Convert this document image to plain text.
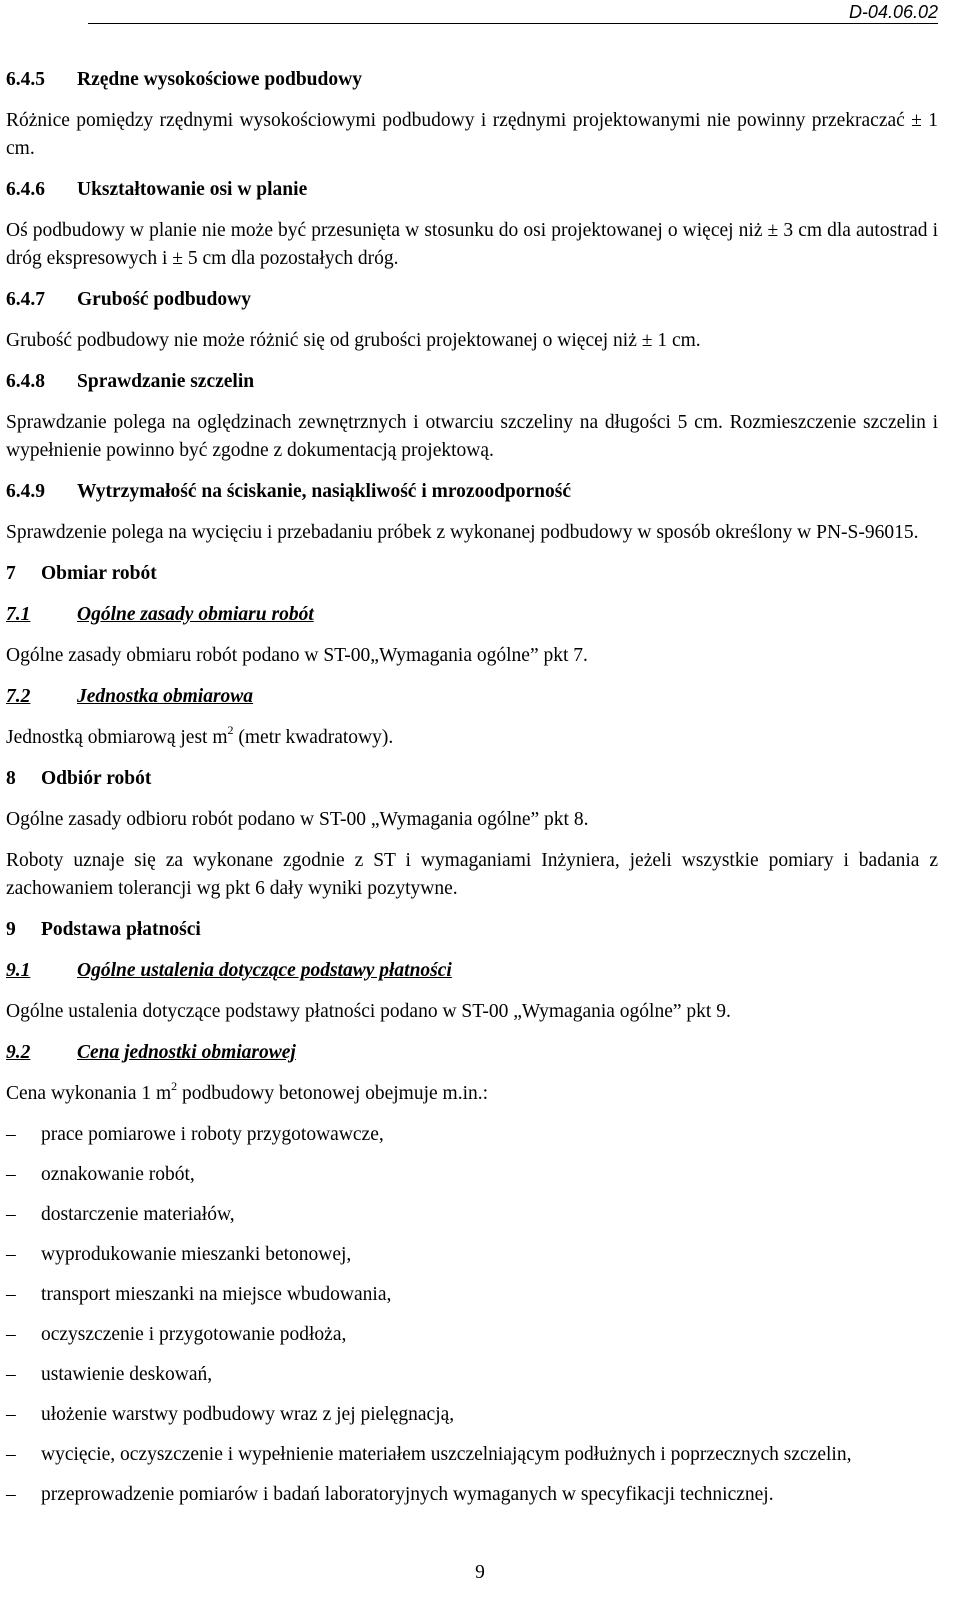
D-04.06.02
6.4.5	Rzędne wysokościowe podbudowy

Różnice pomiędzy rzędnymi wysokościowymi podbudowy i rzędnymi projektowanymi nie powinny przekraczać ± 1 cm.

6.4.6	Ukształtowanie osi w planie

Oś podbudowy w planie nie może być przesunięta w stosunku do osi projektowanej o więcej niż ± 3 cm dla autostrad i dróg ekspresowych i ± 5 cm dla pozostałych dróg.

6.4.7	Grubość podbudowy

Grubość podbudowy nie może różnić się od grubości projektowanej o więcej niż ± 1 cm.

6.4.8	Sprawdzanie szczelin

Sprawdzanie polega na oględzinach zewnętrznych i otwarciu szczeliny na długości 5 cm. Rozmieszczenie szczelin i wypełnienie powinno być zgodne z dokumentacją projektową.

6.4.9	Wytrzymałość na ściskanie, nasiąkliwość i mrozoodporność

Sprawdzenie polega na wycięciu i przebadaniu próbek z wykonanej podbudowy w sposób określony w PN-S-96015.

7	Obmiar robót
7.1	Ogólne zasady obmiaru robót

Ogólne zasady obmiaru robót podano w ST-00„Wymagania ogólne” pkt 7.

7.2	Jednostka obmiarowa

Jednostką obmiarową jest $m^2$ (metr kwadratowy).

8	Odbiór robót

Ogólne zasady odbioru robót podano w ST-00 „Wymagania ogólne” pkt 8.

Roboty uznaje się za wykonane zgodnie z ST i wymaganiami Inżyniera, jeżeli wszystkie pomiary i badania z zachowaniem tolerancji wg pkt 6 dały wyniki pozytywne.

9	Podstawa płatności
9.1	Ogólne ustalenia dotyczące podstawy płatności

Ogólne ustalenia dotyczące podstawy płatności podano w ST-00 „Wymagania ogólne” pkt 9.

9.2	Cena jednostki obmiarowej

Cena wykonania 1 $m^2$ podbudowy betonowej obejmuje m.in.:

–	prace pomiarowe i roboty przygotowawcze,
–	oznakowanie robót,
–	dostarczenie materiałów,
–	wyprodukowanie mieszanki betonowej,
–	transport mieszanki na miejsce wbudowania,
–	oczyszczenie i przygotowanie podłoża,
–	ustawienie deskowań,
–	ułożenie warstwy podbudowy wraz z jej pielęgnacją,
–	wycięcie, oczyszczenie i wypełnienie materiałem uszczelniającym podłużnych i poprzecznych szczelin,
–	przeprowadzenie pomiarów i badań laboratoryjnych wymaganych w specyfikacji technicznej.
9
